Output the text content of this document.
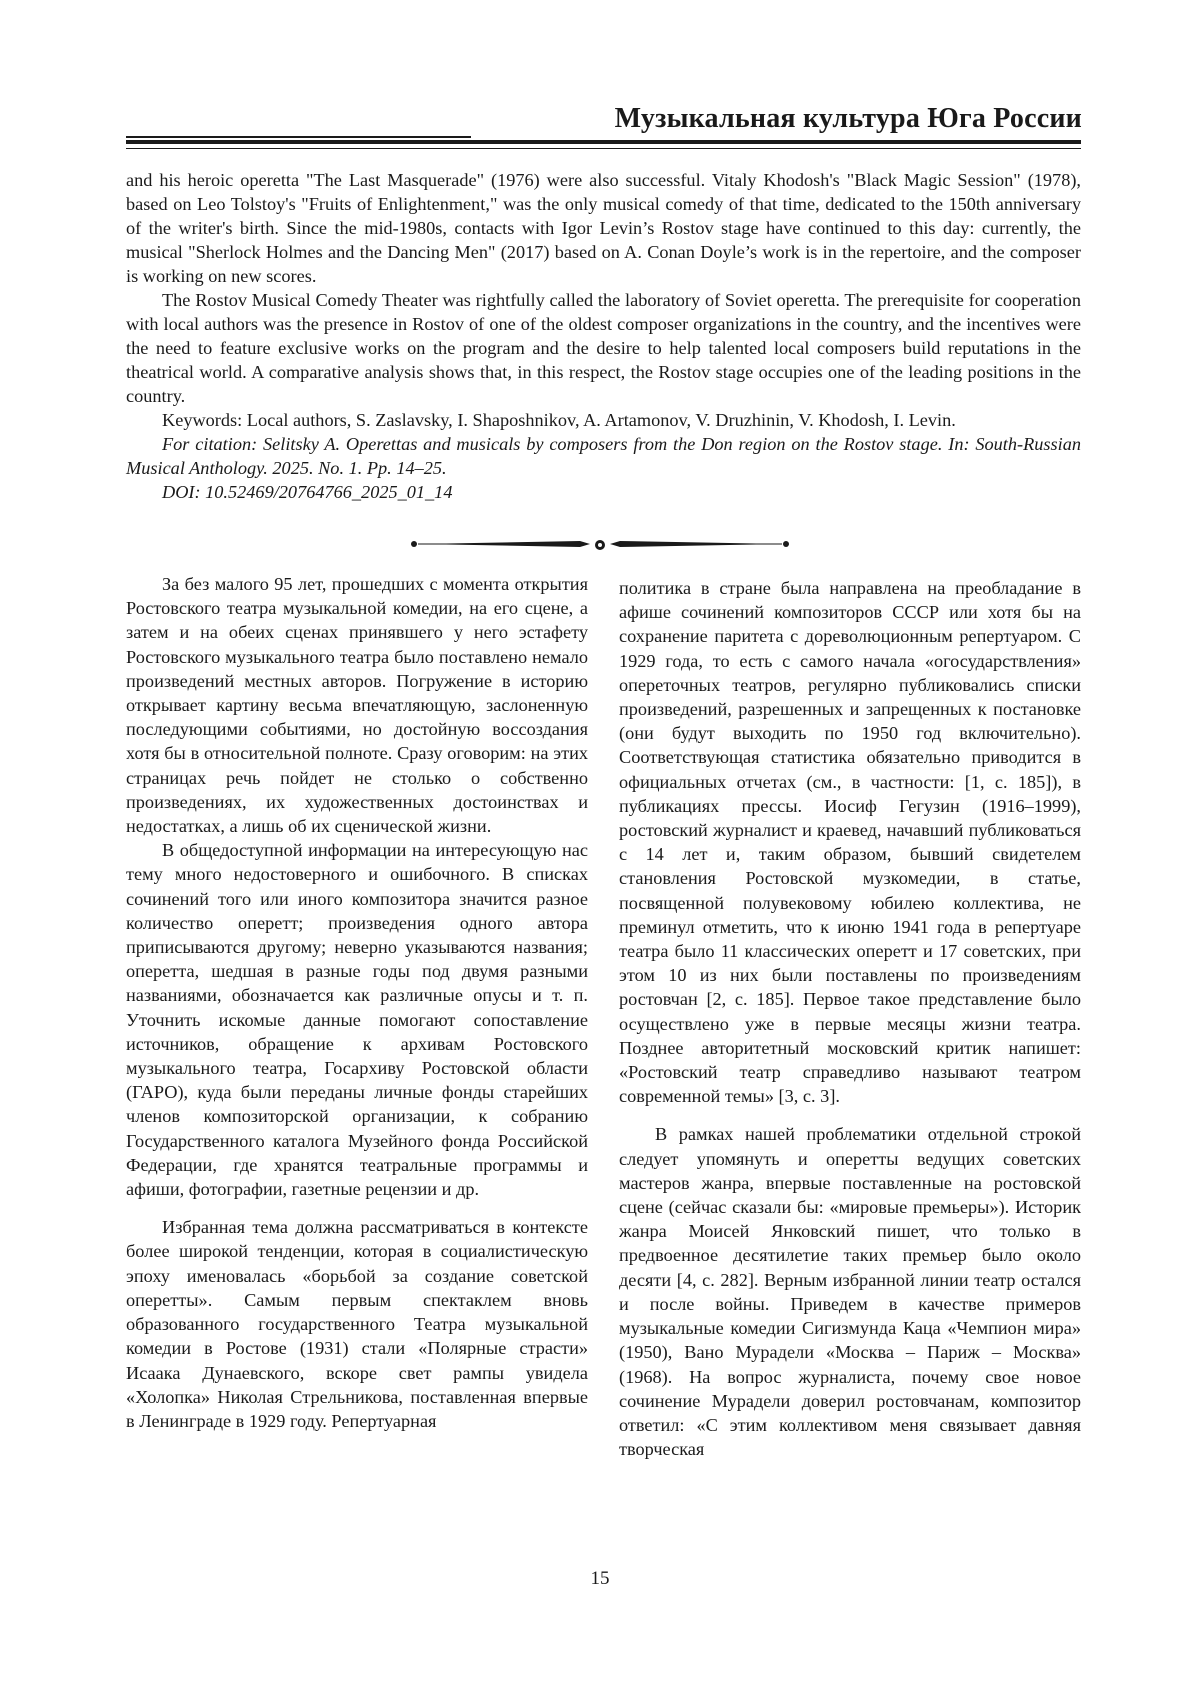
Музыкальная культура Юга России

and his heroic operetta "The Last Masquerade" (1976) were also successful. Vitaly Khodosh's "Black Magic Session" (1978), based on Leo Tolstoy's "Fruits of Enlightenment," was the only musical comedy of that time, dedicated to the 150th anniversary of the writer's birth. Since the mid-1980s, contacts with Igor Levin’s Rostov stage have continued to this day: currently, the musical "Sherlock Holmes and the Dancing Men" (2017) based on A. Conan Doyle’s work is in the repertoire, and the composer is working on new scores.

The Rostov Musical Comedy Theater was rightfully called the laboratory of Soviet operetta. The prerequisite for cooperation with local authors was the presence in Rostov of one of the oldest composer organizations in the country, and the incentives were the need to feature exclusive works on the program and the desire to help talented local composers build reputations in the theatrical world. A comparative analysis shows that, in this respect, the Rostov stage occupies one of the leading positions in the country.

Keywords: Local authors, S. Zaslavsky, I. Shaposhnikov, A. Artamonov, V. Druzhinin, V. Khodosh, I. Levin.

For citation: Selitsky A. Operettas and musicals by composers from the Don region on the Rostov stage. In: South-Russian Musical Anthology. 2025. No. 1. Pp. 14–25.

DOI: 10.52469/20764766_2025_01_14

За без малого 95 лет, прошедших с момента открытия Ростовского театра музыкальной комедии, на его сцене, а затем и на обеих сценах принявшего у него эстафету Ростовского музыкального театра было поставлено немало произведений местных авторов. Погружение в историю открывает картину весьма впечатляющую, заслоненную последующими событиями, но достойную воссоздания хотя бы в относительной полноте. Сразу оговорим: на этих страницах речь пойдет не столько о собственно произведениях, их художественных достоинствах и недостатках, а лишь об их сценической жизни.

В общедоступной информации на интересующую нас тему много недостоверного и ошибочного. В списках сочинений того или иного композитора значится разное количество оперетт; произведения одного автора приписываются другому; неверно указываются названия; оперетта, шедшая в разные годы под двумя разными названиями, обозначается как различные опусы и т. п. Уточнить искомые данные помогают сопоставление источников, обращение к архивам Ростовского музыкального театра, Госархиву Ростовской области (ГАРО), куда были переданы личные фонды старейших членов композиторской организации, к собранию Государственного каталога Музейного фонда Российской Федерации, где хранятся театральные программы и афиши, фотографии, газетные рецензии и др.

Избранная тема должна рассматриваться в контексте более широкой тенденции, которая в социалистическую эпоху именовалась «борьбой за создание советской оперетты». Самым первым спектаклем вновь образованного государственного Театра музыкальной комедии в Ростове (1931) стали «Полярные страсти» Исаака Дунаевского, вскоре свет рампы увидела «Холопка» Николая Стрельникова, поставленная впервые в Ленинграде в 1929 году. Репертуарная

политика в стране была направлена на преобладание в афише сочинений композиторов СССР или хотя бы на сохранение паритета с дореволюционным репертуаром. С 1929 года, то есть с самого начала «огосударствления» опереточных театров, регулярно публиковались списки произведений, разрешенных и запрещенных к постановке (они будут выходить по 1950 год включительно). Соответствующая статистика обязательно приводится в официальных отчетах (см., в частности: [1, с. 185]), в публикациях прессы. Иосиф Гегузин (1916–1999), ростовский журналист и краевед, начавший публиковаться с 14 лет и, таким образом, бывший свидетелем становления Ростовской музкомедии, в статье, посвященной полувековому юбилею коллектива, не преминул отметить, что к июню 1941 года в репертуаре театра было 11 классических оперетт и 17 советских, при этом 10 из них были поставлены по произведениям ростовчан [2, с. 185]. Первое такое представление было осуществлено уже в первые месяцы жизни театра. Позднее авторитетный московский критик напишет: «Ростовский театр справедливо называют театром современной темы» [3, с. 3].

В рамках нашей проблематики отдельной строкой следует упомянуть и оперетты ведущих советских мастеров жанра, впервые поставленные на ростовской сцене (сейчас сказали бы: «мировые премьеры»). Историк жанра Моисей Янковский пишет, что только в предвоенное десятилетие таких премьер было около десяти [4, с. 282]. Верным избранной линии театр остался и после войны. Приведем в качестве примеров музыкальные комедии Сигизмунда Каца «Чемпион мира» (1950), Вано Мурадели «Москва – Париж – Москва» (1968). На вопрос журналиста, почему свое новое сочинение Мурадели доверил ростовчанам, композитор ответил: «С этим коллективом меня связывает давняя творческая

15
